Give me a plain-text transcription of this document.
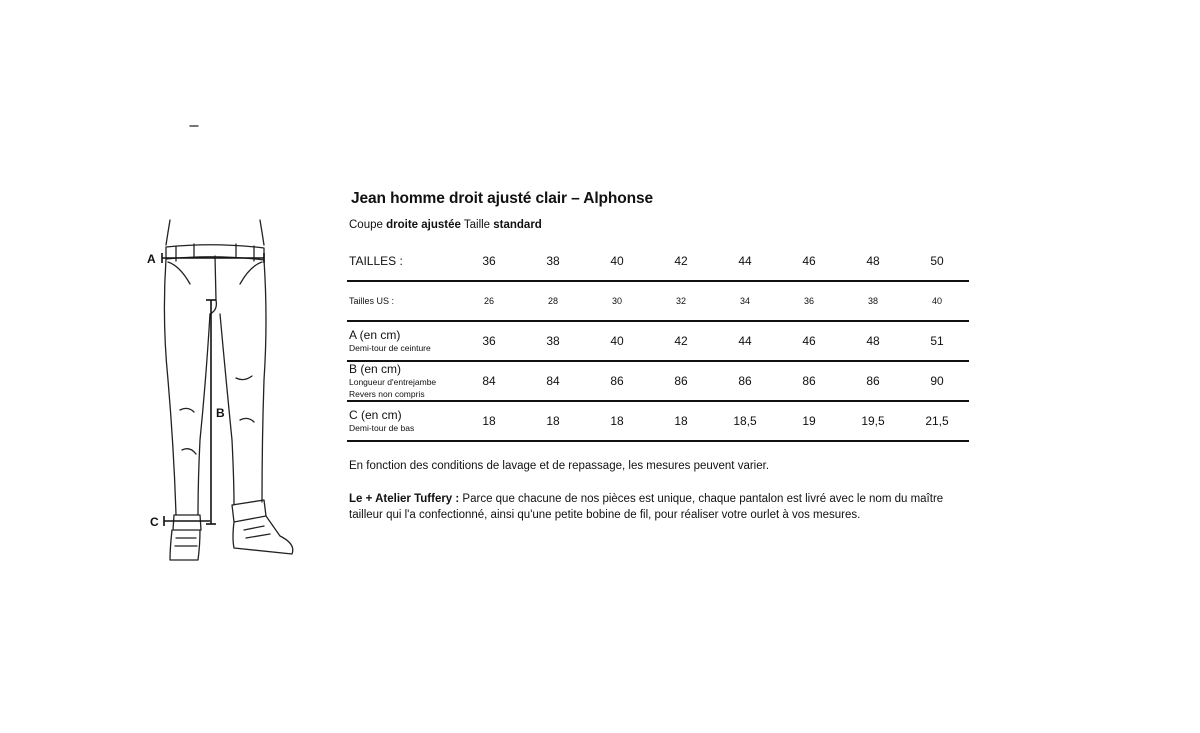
A
B
C
Jean homme droit ajusté clair – Alphonse
Coupe droite ajustée Taille standard
TAILLES :	36	38	40	42	44	46	48	50
Tailles US :	26	28	30	32	34	36	38	40

A (en cm)
Demi-tour de ceinture	36	38	40	42	44	46	48	51

B (en cm)
Longueur d'entrejambe
Revers non compris	84	84	86	86	86	86	86	90

C (en cm)
Demi-tour de bas	18	18	18	18	18,5	19	19,5	21,5
En fonction des conditions de lavage et de repassage, les mesures peuvent varier.

Le + Atelier Tuffery : Parce que chacune de nos pièces est unique, chaque pantalon est livré avec le nom du maître tailleur qui l'a confectionné, ainsi qu'une petite bobine de fil, pour réaliser votre ourlet à vos mesures.
